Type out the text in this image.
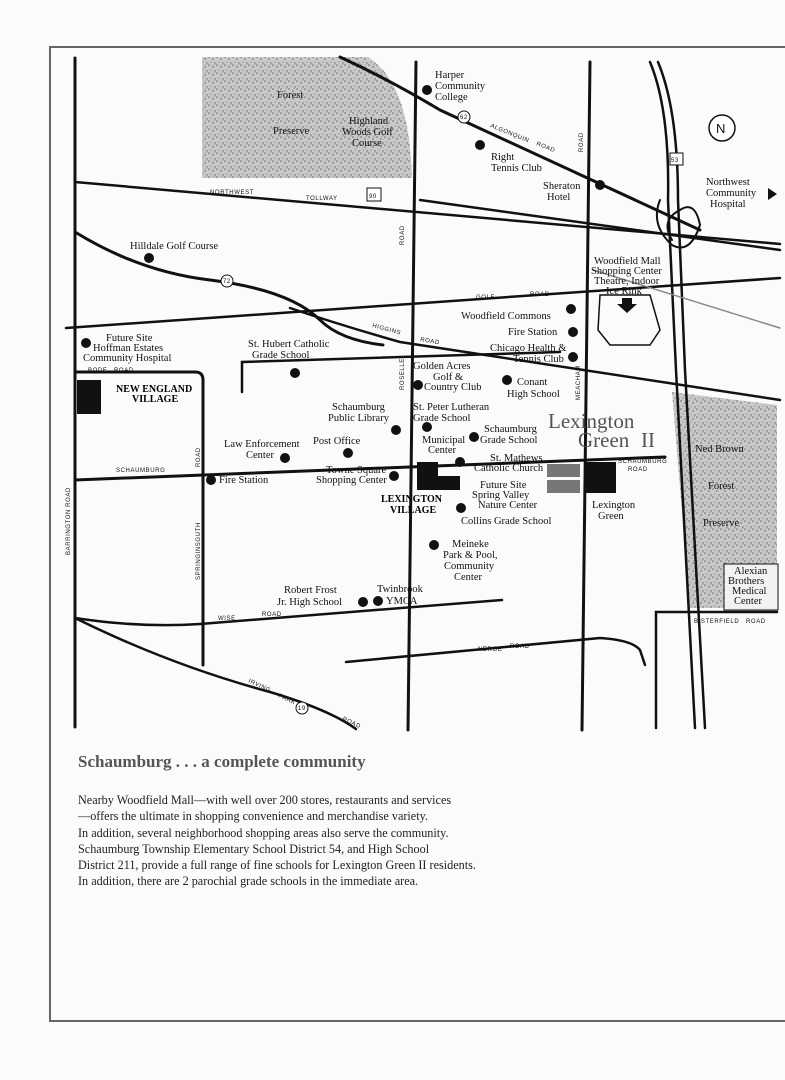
90
62
53
72
19
N
Forest
Preserve
Highland
Woods Golf
Course
Ned Brown
Forest
Preserve
NORTHWEST
TOLLWAY
ALGONQUIN
ROAD
GOLF	ROAD
HIGGINS
ROAD
BODE ROAD
SCHAUMBURG
SCHAUMBURG
ROAD
BARRINGTON ROAD	SPRINGINSGUTH
ROAD
ROSELLE
ROAD
MEACHAM
ROAD
WISE
ROAD
NERGE ROAD
IRVING
PARK
ROAD
BISTERFIELD ROAD
Harper
Community
College
Right
Tennis Club
Sheraton
Hotel
Northwest
Community
Hospital
Hilldale Golf Course
Woodfield Mall
Shopping Center
Theatre, Indoor
Ice Rink
Woodfield Commons
Fire Station
Chicago Health &
Tennis Club
Future Site
Hoffman Estates
Community Hospital
St. Hubert Catholic
Grade School
NEW ENGLAND
VILLAGE
Golden Acres
Golf &
Country Club	Conant
High School
Schaumburg
Public Library
St. Peter Lutheran
Grade School
Schaumburg
Grade School
Law Enforcement
Center
Post Office	Municipal
Center
St. Mathews
Catholic Church
Fire Station
Towne Square
Shopping Center
LEXINGTON
VILLAGE
Future Site
Spring Valley
Nature Center
Collins Grade School
Lexington
Green
Lexington
Green II
Meineke
Park & Pool,
Community
Center
Robert Frost
Jr. High School
Twinbrook
YMCA
Alexian
Brothers
Medical
Center
Schaumburg . . . a complete community
Nearby Woodfield Mall—with well over 200 stores, restaurants and services
—offers the ultimate in shopping convenience and merchandise variety.
In addition, several neighborhood shopping areas also serve the community.
Schaumburg Township Elementary School District 54, and High School
District 211, provide a full range of fine schools for Lexington Green II residents.
In addition, there are 2 parochial grade schools in the immediate area.
